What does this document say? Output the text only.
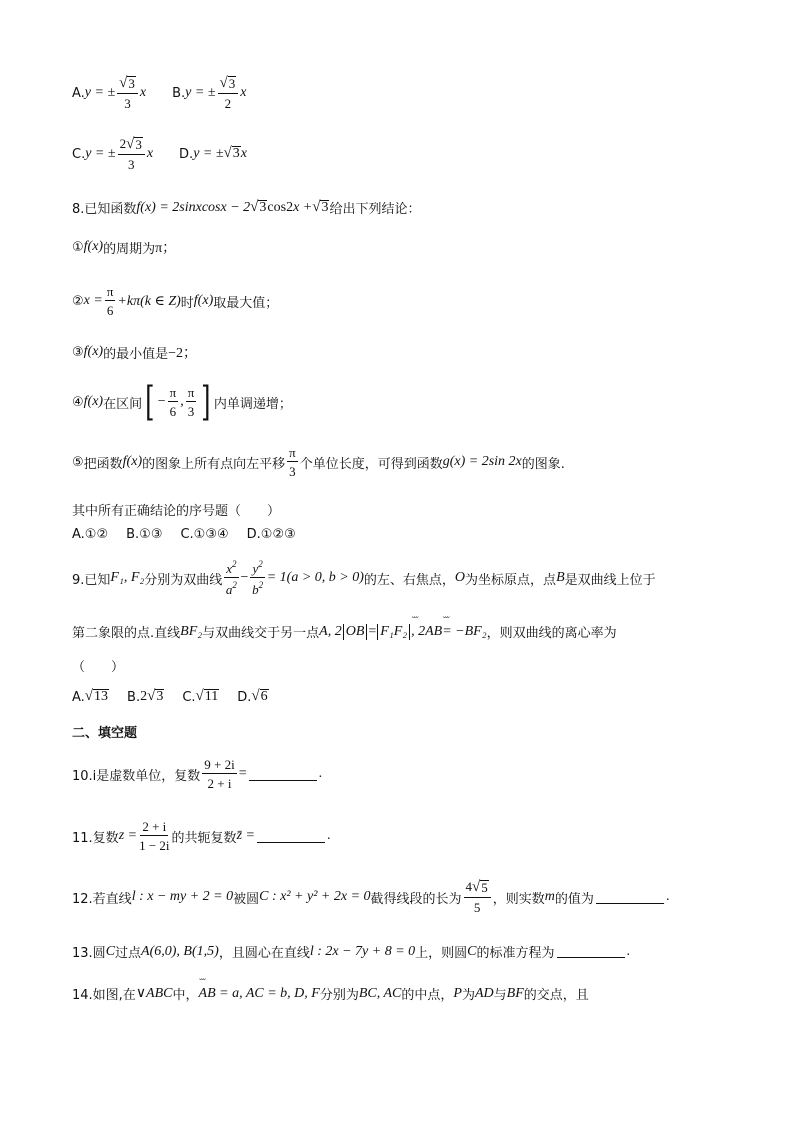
A. y = ± $\frac{√ 3}{3}$ x B. y = ± $\frac{√ 3}{2}$ x
C. y = ± $\frac{2 √ 3}{3}$ x D. y = ± √ 3 x
8.已知函数 f(x) = 2sinxcosx − 2 √ 3 cos 2 x + √ 3 给出下列结论：
① f(x) 的周期为 π；
② $x = \frac{\pi}{6} +k\pi(k$ ∈ Z) 时 f(x) 取最大值；
③ f(x) 的最小值是 −2；
④ f(x) 在区间 [ − $\frac{\pi}{6}$ , $\frac{\pi}{3}$ ] 内单调递增；
⑤ 把函数 f(x) 的图象上所有点向左平移 $\frac{\pi}{3}$ 个单位长度，可得到函数 g(x) = 2sin 2x 的图象.
其中所有正确结论的序号题（　　）
A.①② B.①③ C.①③④ D.①②③
9.已知 F₁, F₂ 分别为双曲线 $\frac{x^2}{a^2} - \frac{y^2}{b^2} = 1(a > 0$, b > 0) 的左、右焦点， O 为坐标原点，点 B 是双曲线上位于
第二象限的点.直线 BF₂ 与双曲线交于另一点 A, 2 OB = F₁F₂ ˘˘˘ , 2AB ˘˘˘ = −BF₂ ，则双曲线的离心率为
（　　）
A. √ 13 B. 2 √ 3 C. √ 11 D. √ 6
二、填空题
10.i是虚数单位，复数 $\frac{9 + 2i}{2 + i}$ =	.
11.复数 $z = \frac{2 + i}{1 - 2i}$ 的共轭复数 z̄ =	.
12.若直线 l : x − my + 2 = 0 被圆 C : x² + y² + 2x = 0 截得线段的长为 $\frac{4 √ 5}{5}$ ，则实数 m 的值为	.
13.圆 C 过点 A(6,0), B(1,5) ，且圆心在直线 l : 2x − 7y + 8 = 0 上，则圆 C 的标准方程为	.
14.如图,在 ∨ABC 中， ˘˘˘ AB = a, AC = b, D, F 分别为 BC, AC 的中点， P 为 AD 与 BF 的交点，且
